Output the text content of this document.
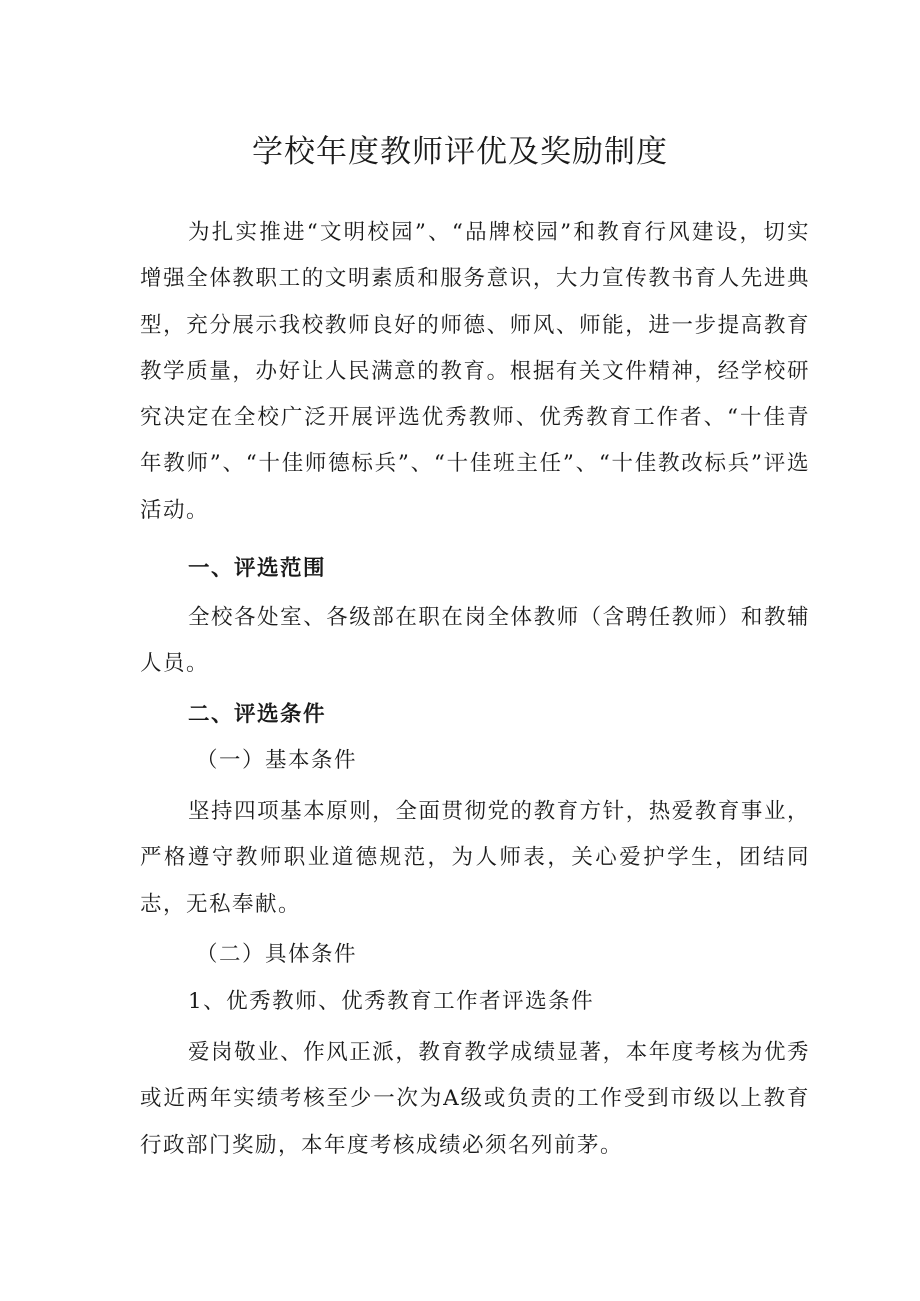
学校年度教师评优及奖励制度

为扎实推进“文明校园”、“品牌校园”和教育行风建设，切实增强全体教职工的文明素质和服务意识，大力宣传教书育人先进典型，充分展示我校教师良好的师德、师风、师能，进一步提高教育教学质量，办好让人民满意的教育。根据有关文件精神，经学校研究决定在全校广泛开展评选优秀教师、优秀教育工作者、“十佳青年教师”、“十佳师德标兵”、“十佳班主任”、“十佳教改标兵”评选活动。

一、评选范围

全校各处室、各级部在职在岗全体教师（含聘任教师）和教辅人员。

二、评选条件
（一）基本条件

坚持四项基本原则，全面贯彻党的教育方针，热爱教育事业，严格遵守教师职业道德规范，为人师表，关心爱护学生，团结同志，无私奉献。

（二）具体条件
1、优秀教师、优秀教育工作者评选条件

爱岗敬业、作风正派，教育教学成绩显著，本年度考核为优秀或近两年实绩考核至少一次为A级或负责的工作受到市级以上教育行政部门奖励，本年度考核成绩必须名列前茅。
